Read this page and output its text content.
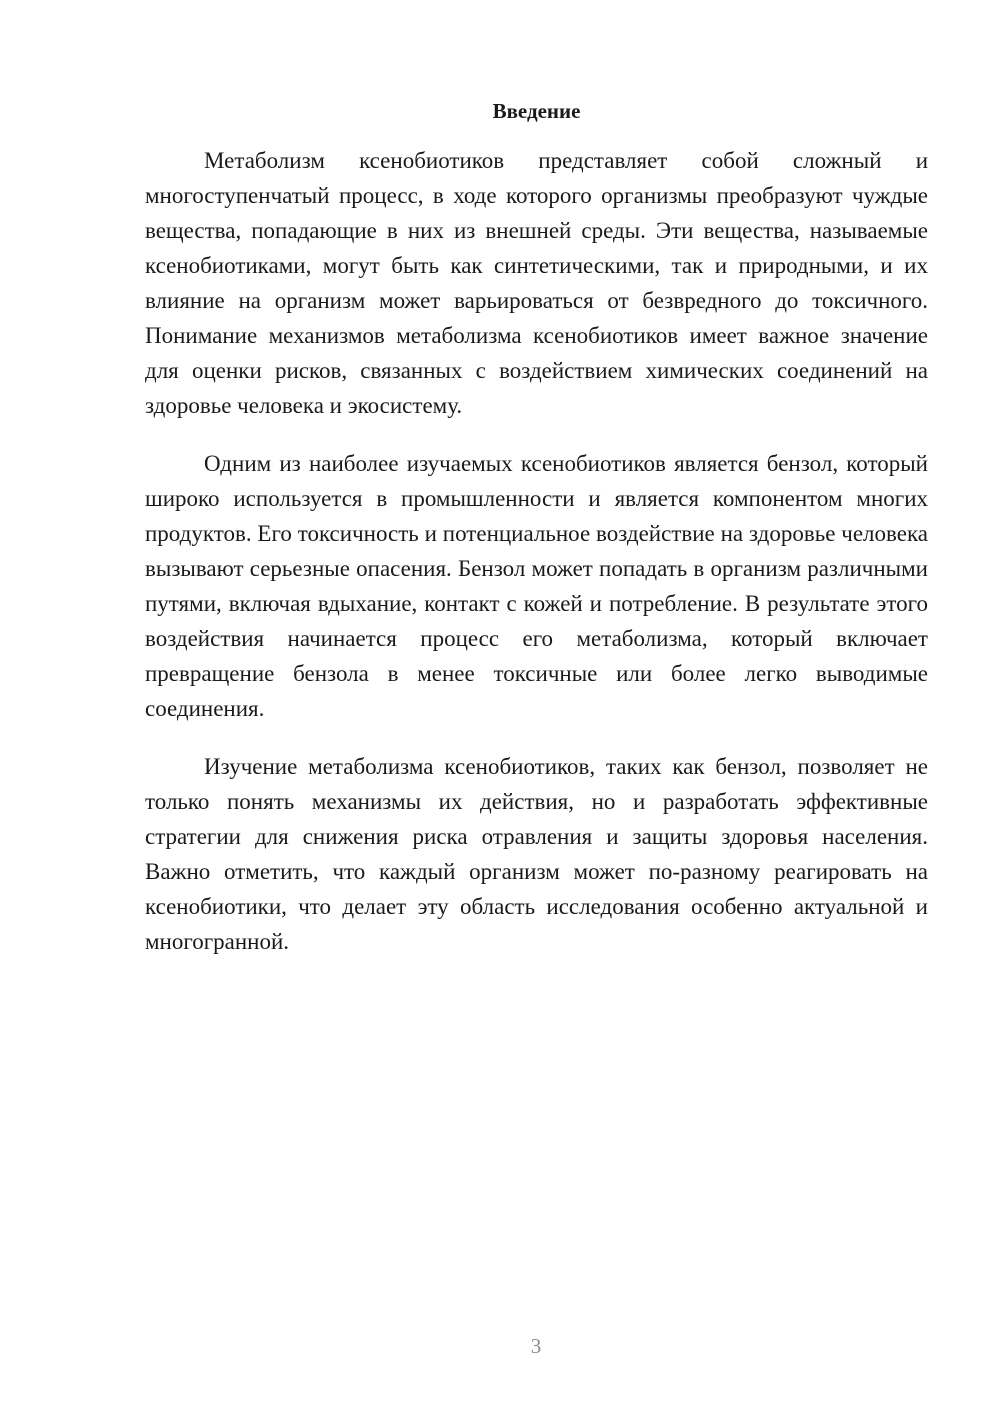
Введение

Метаболизм ксенобиотиков представляет собой сложный и многоступенчатый процесс, в ходе которого организмы преобразуют чуждые вещества, попадающие в них из внешней среды. Эти вещества, называемые ксенобиотиками, могут быть как синтетическими, так и природными, и их влияние на организм может варьироваться от безвредного до токсичного. Понимание механизмов метаболизма ксенобиотиков имеет важное значение для оценки рисков, связанных с воздействием химических соединений на здоровье человека и экосистему.

Одним из наиболее изучаемых ксенобиотиков является бензол, который широко используется в промышленности и является компонентом многих продуктов. Его токсичность и потенциальное воздействие на здоровье человека вызывают серьезные опасения. Бензол может попадать в организм различными путями, включая вдыхание, контакт с кожей и потребление. В результате этого воздействия начинается процесс его метаболизма, который включает превращение бензола в менее токсичные или более легко выводимые соединения.

Изучение метаболизма ксенобиотиков, таких как бензол, позволяет не только понять механизмы их действия, но и разработать эффективные стратегии для снижения риска отравления и защиты здоровья населения. Важно отметить, что каждый организм может по-разному реагировать на ксенобиотики, что делает эту область исследования особенно актуальной и многогранной.

3
